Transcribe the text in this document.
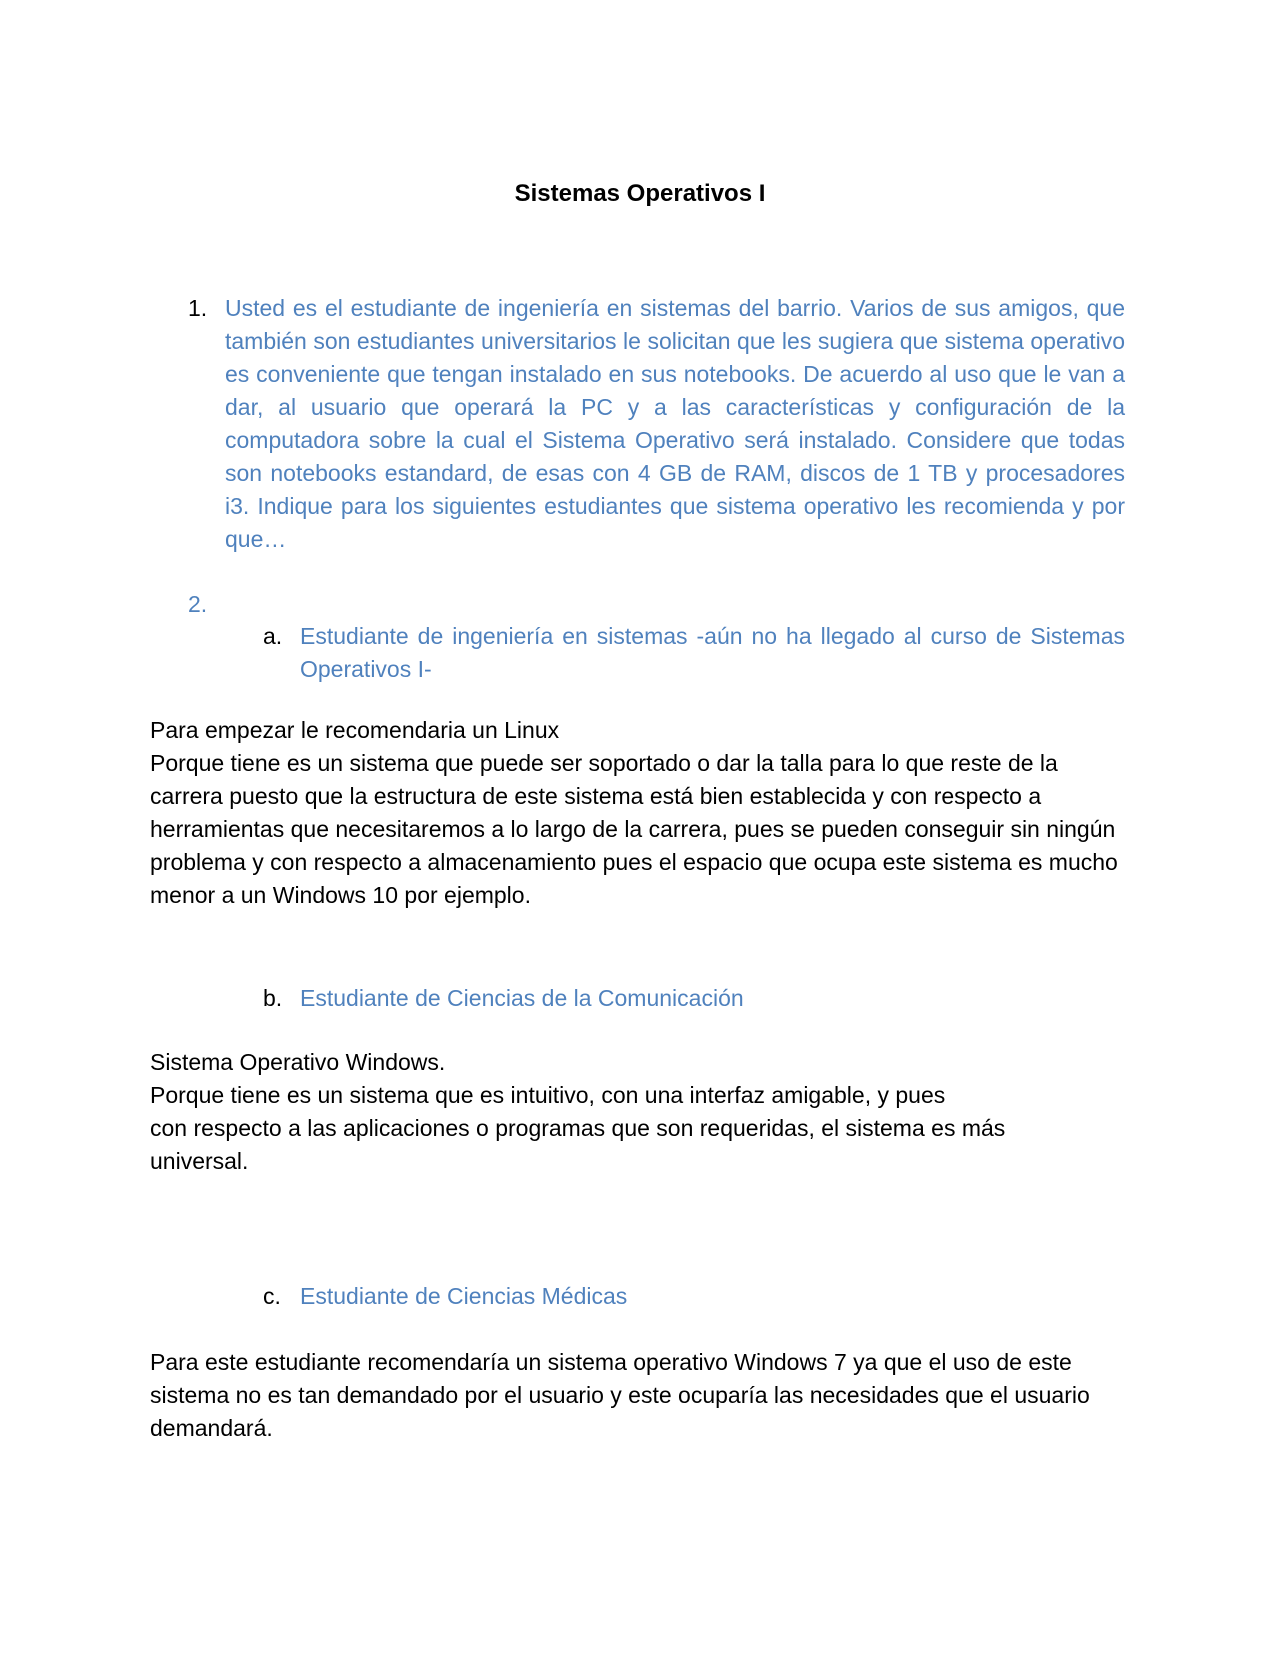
Sistemas Operativos I
1. Usted es el estudiante de ingeniería en sistemas del barrio. Varios de sus amigos, que también son estudiantes universitarios le solicitan que les sugiera que sistema operativo es conveniente que tengan instalado en sus notebooks. De acuerdo al uso que le van a dar, al usuario que operará la PC y a las características y configuración de la computadora sobre la cual el Sistema Operativo será instalado. Considere que todas son notebooks estandard, de esas con 4 GB de RAM, discos de 1 TB y procesadores i3. Indique para los siguientes estudiantes que sistema operativo les recomienda y por que…
2.
a. Estudiante de ingeniería en sistemas -aún no ha llegado al curso de Sistemas Operativos I-

Para empezar le recomendaria un Linux

Porque tiene es un sistema que puede ser soportado o dar la talla para lo que reste de la carrera puesto que la estructura de este sistema está bien establecida y con respecto a herramientas que necesitaremos a lo largo de la carrera, pues se pueden conseguir sin ningún problema y con respecto a almacenamiento pues el espacio que ocupa este sistema es mucho menor a un Windows 10 por ejemplo.

b. Estudiante de Ciencias de la Comunicación

Sistema Operativo Windows.

Porque tiene es un sistema que es intuitivo, con una interfaz amigable, y pues

con respecto a las aplicaciones o programas que son requeridas, el sistema es más universal.

c. Estudiante de Ciencias Médicas

Para este estudiante recomendaría un sistema operativo Windows 7 ya que el uso de este sistema no es tan demandado por el usuario y este ocuparía las necesidades que el usuario demandará.
